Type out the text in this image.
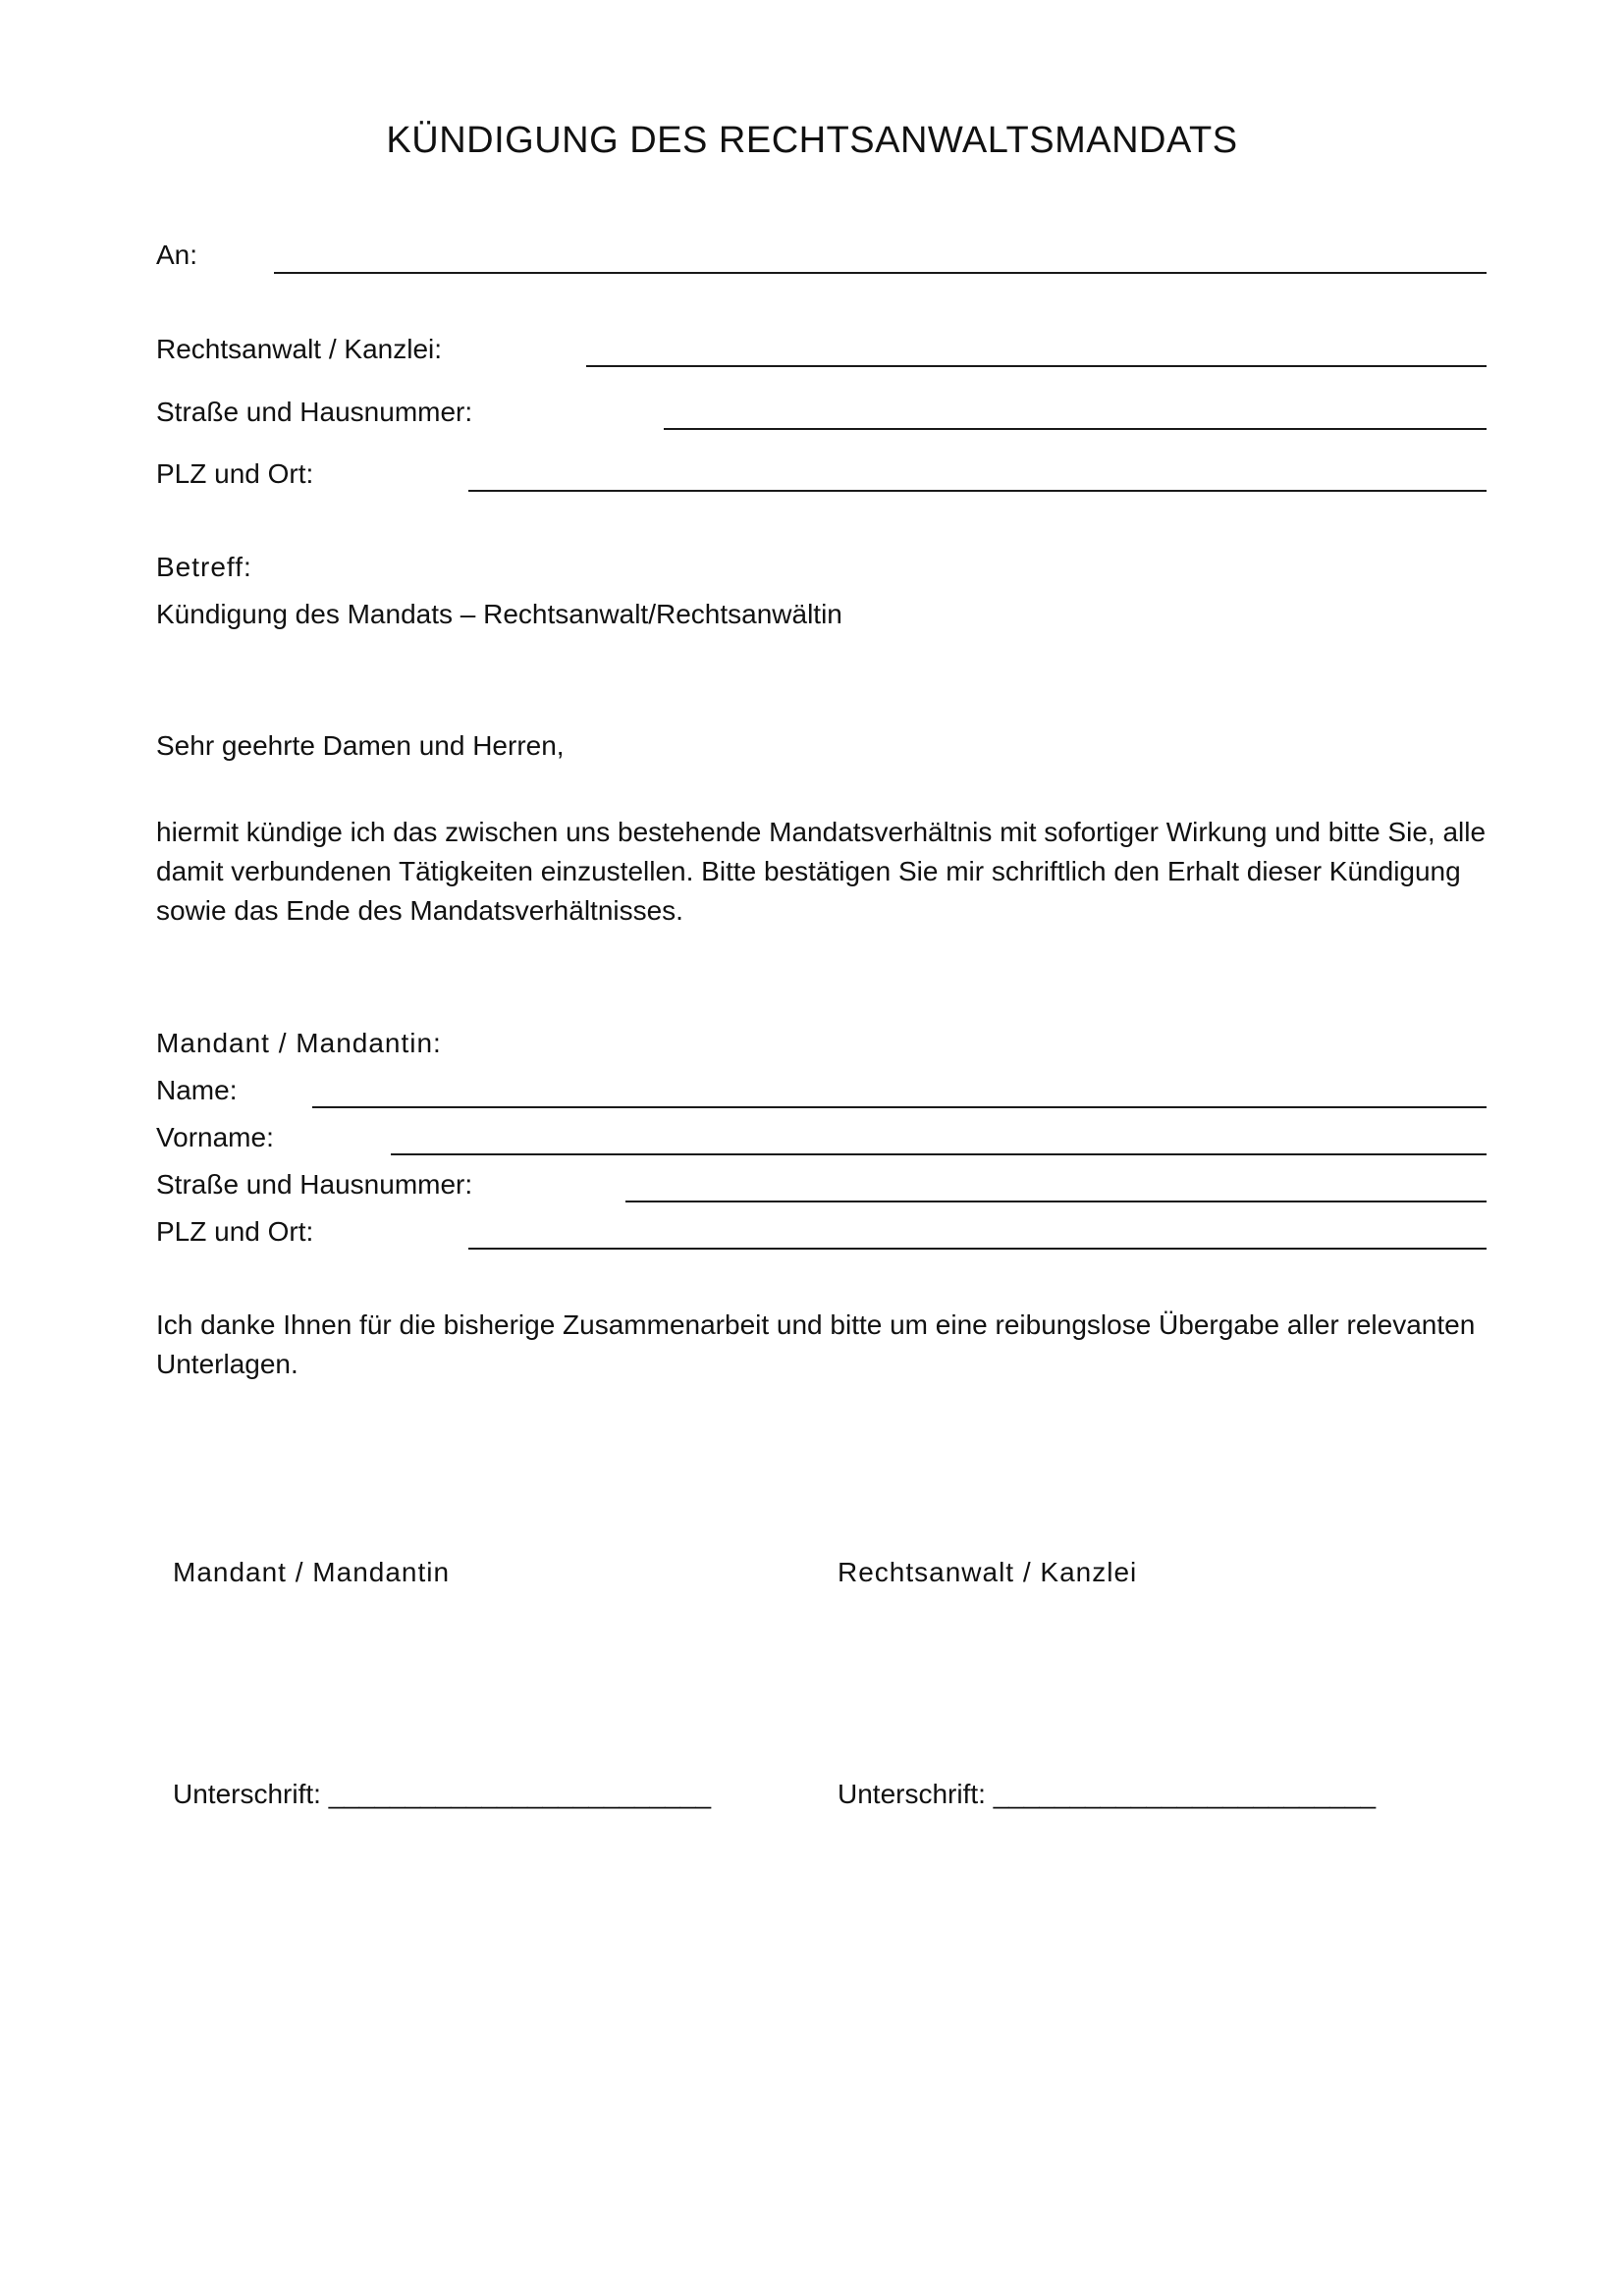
KÜNDIGUNG DES RECHTSANWALTSMANDATS
An:
Rechtsanwalt / Kanzlei:
Straße und Hausnummer:
PLZ und Ort:
Betreff:
Kündigung des Mandats – Rechtsanwalt/Rechtsanwältin
Sehr geehrte Damen und Herren,
hiermit kündige ich das zwischen uns bestehende Mandatsverhältnis mit sofortiger Wirkung und bitte Sie, alle damit verbundenen Tätigkeiten einzustellen. Bitte bestätigen Sie mir schriftlich den Erhalt dieser Kündigung sowie das Ende des Mandatsverhältnisses.
Mandant / Mandantin:
Name:
Vorname:
Straße und Hausnummer:
PLZ und Ort:
Ich danke Ihnen für die bisherige Zusammenarbeit und bitte um eine reibungslose Übergabe aller relevanten Unterlagen.
Mandant / Mandantin	Rechtsanwalt / Kanzlei
Unterschrift: _________________________	Unterschrift: _________________________
